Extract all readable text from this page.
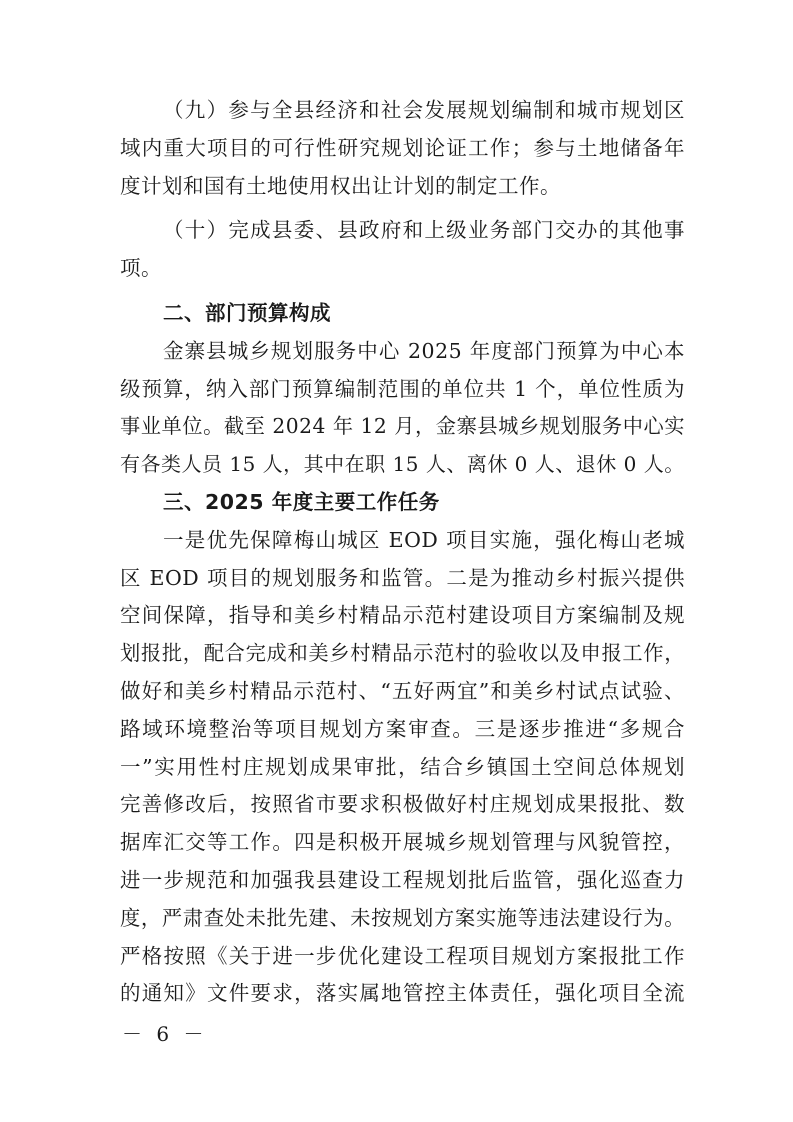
（九）参与全县经济和社会发展规划编制和城市规划区
域内重大项目的可行性研究规划论证工作；参与土地储备年
度计划和国有土地使用权出让计划的制定工作。
（十）完成县委、县政府和上级业务部门交办的其他事
项。
二、部门预算构成
金寨县城乡规划服务中心 2025 年度部门预算为中心本
级预算，纳入部门预算编制范围的单位共 1 个，单位性质为
事业单位。截至 2024 年 12 月，金寨县城乡规划服务中心实
有各类人员 15 人，其中在职 15 人、离休 0 人、退休 0 人。
三、2025 年度主要工作任务
一是优先保障梅山城区 EOD 项目实施，强化梅山老城
区 EOD 项目的规划服务和监管。二是为推动乡村振兴提供
空间保障，指导和美乡村精品示范村建设项目方案编制及规
划报批，配合完成和美乡村精品示范村的验收以及申报工作，
做好和美乡村精品示范村、“五好两宜”和美乡村试点试验、
路域环境整治等项目规划方案审查。三是逐步推进“多规合
一”实用性村庄规划成果审批，结合乡镇国土空间总体规划
完善修改后，按照省市要求积极做好村庄规划成果报批、数
据库汇交等工作。四是积极开展城乡规划管理与风貌管控，
进一步规范和加强我县建设工程规划批后监管，强化巡查力
度，严肃查处未批先建、未按规划方案实施等违法建设行为。
严格按照《关于进一步优化建设工程项目规划方案报批工作
的通知》文件要求，落实属地管控主体责任，强化项目全流
－ 6 －
